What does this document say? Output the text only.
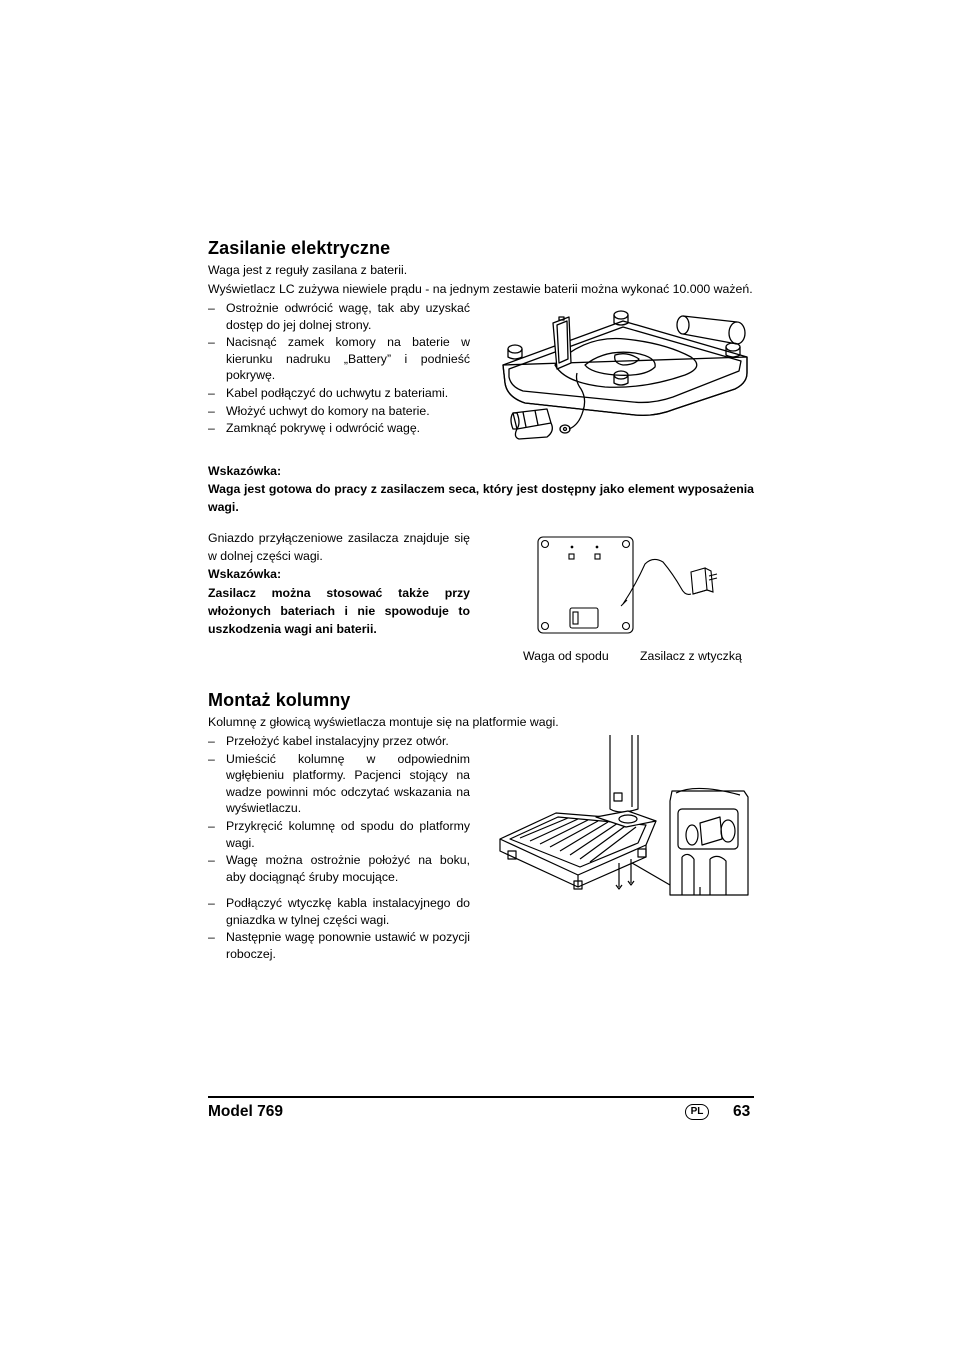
Zasilanie elektryczne
Waga jest z reguły zasilana z baterii.
Wyświetlacz LC zużywa niewiele prądu - na jednym zestawie baterii można wykonać 10.000 ważeń.
– Ostrożnie odwrócić wagę, tak aby uzyskać dostęp do jej dolnej strony.
– Nacisnąć zamek komory na baterie w kierunku nadruku „Battery” i podnieść pokrywę.
– Kabel podłączyć do uchwytu z bateriami.
– Włożyć uchwyt do komory na baterie.
– Zamknąć pokrywę i odwrócić wagę.
Wskazówka:
Waga jest gotowa do pracy z zasilaczem seca, który jest dostępny jako element wyposażenia wagi.
Gniazdo przyłączeniowe zasilacza znajduje się w dolnej części wagi.
Wskazówka:
Zasilacz można stosować także przy włożonych bateriach i nie spowoduje to uszkodzenia wagi ani baterii.
Waga od spodu	Zasilacz z wtyczką
Montaż kolumny
Kolumnę z głowicą wyświetlacza montuje się na platformie wagi.
– Przełożyć kabel instalacyjny przez otwór.
– Umieścić kolumnę w odpowiednim wgłębieniu platformy. Pacjenci stojący na wadze powinni móc odczytać wskazania na wyświetlaczu.
– Przykręcić kolumnę od spodu do platformy wagi.
– Wagę można ostrożnie położyć na boku, aby dociągnąć śruby mocujące.
– Podłączyć wtyczkę kabla instalacyjnego do gniazdka w tylnej części wagi.
– Następnie wagę ponownie ustawić w pozycji roboczej.
Model 769	PL	63
